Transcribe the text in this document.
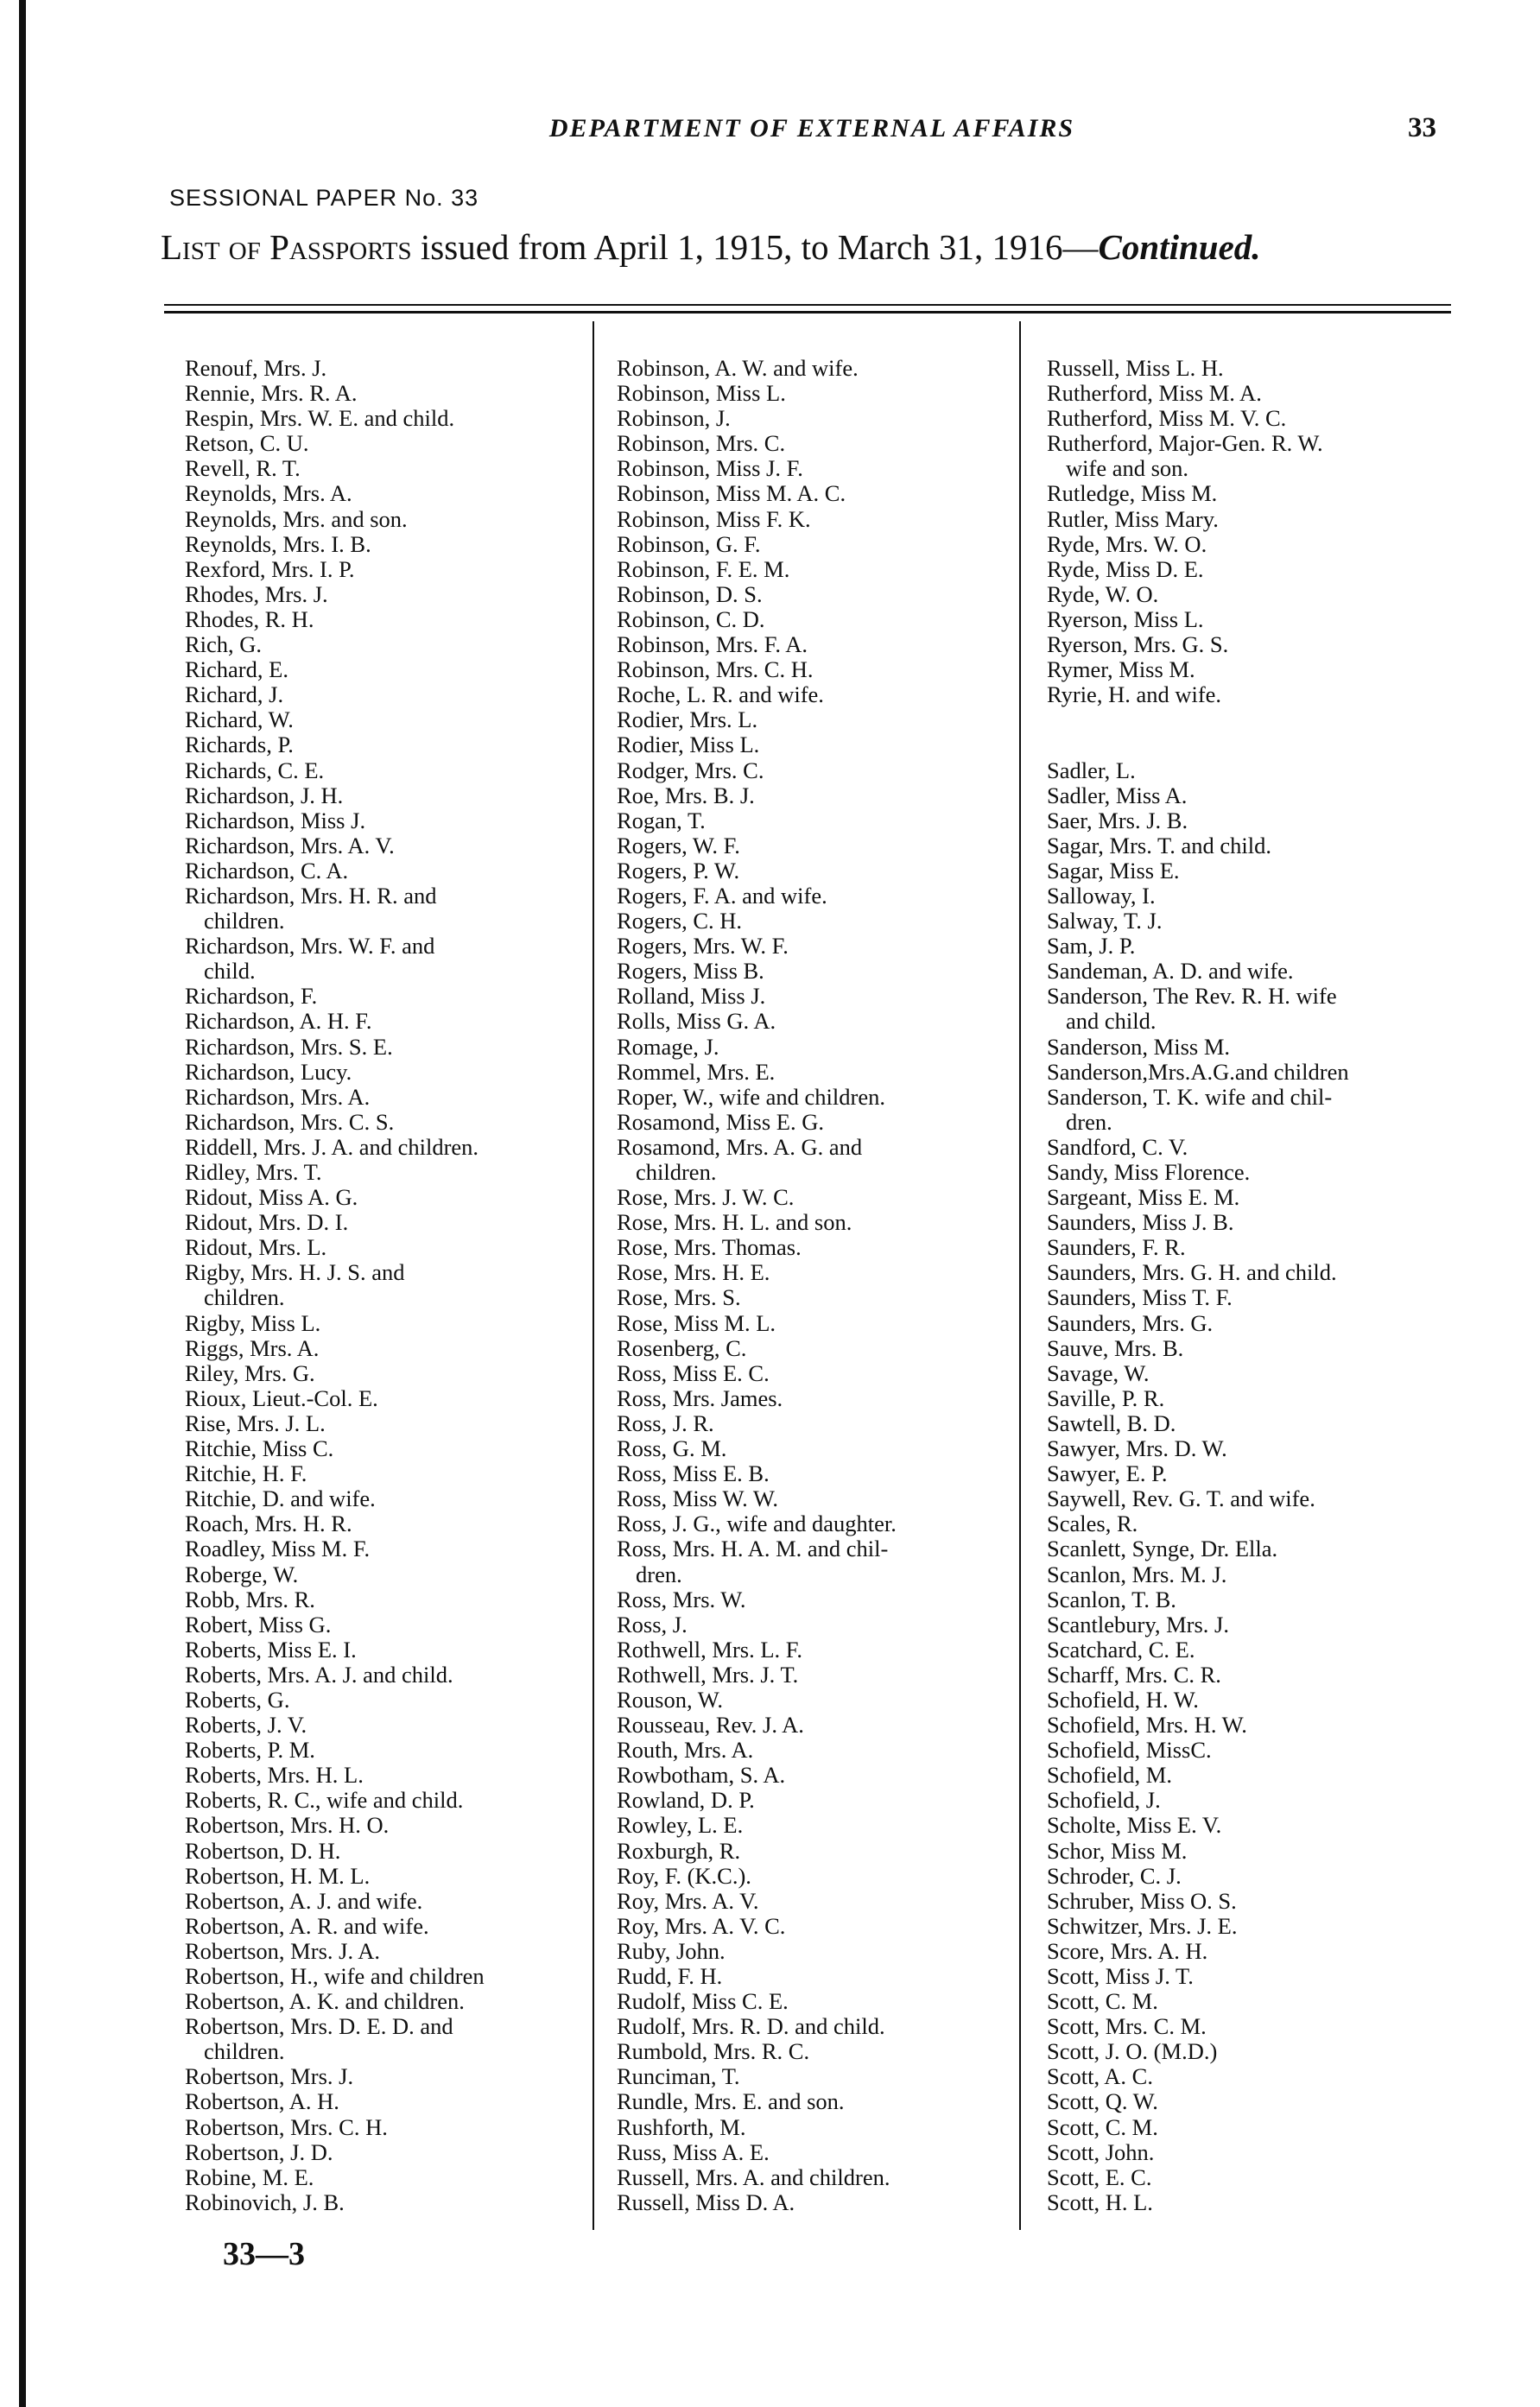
DEPARTMENT OF EXTERNAL AFFAIRS	33
SESSIONAL PAPER No. 33
List of Passports issued from April 1, 1915, to March 31, 1916—Continued.
Renouf, Mrs. J.
Rennie, Mrs. R. A.
Respin, Mrs. W. E. and child.
Retson, C. U.
Revell, R. T.
Reynolds, Mrs. A.
Reynolds, Mrs. and son.
Reynolds, Mrs. I. B.
Rexford, Mrs. I. P.
Rhodes, Mrs. J.
Rhodes, R. H.
Rich, G.
Richard, E.
Richard, J.
Richard, W.
Richards, P.
Richards, C. E.
Richardson, J. H.
Richardson, Miss J.
Richardson, Mrs. A. V.
Richardson, C. A.
Richardson, Mrs. H. R. and
children.
Richardson, Mrs. W. F. and
child.
Richardson, F.
Richardson, A. H. F.
Richardson, Mrs. S. E.
Richardson, Lucy.
Richardson, Mrs. A.
Richardson, Mrs. C. S.
Riddell, Mrs. J. A. and children.
Ridley, Mrs. T.
Ridout, Miss A. G.
Ridout, Mrs. D. I.
Ridout, Mrs. L.
Rigby, Mrs. H. J. S. and
children.
Rigby, Miss L.
Riggs, Mrs. A.
Riley, Mrs. G.
Rioux, Lieut.-Col. E.
Rise, Mrs. J. L.
Ritchie, Miss C.
Ritchie, H. F.
Ritchie, D. and wife.
Roach, Mrs. H. R.
Roadley, Miss M. F.
Roberge, W.
Robb, Mrs. R.
Robert, Miss G.
Roberts, Miss E. I.
Roberts, Mrs. A. J. and child.
Roberts, G.
Roberts, J. V.
Roberts, P. M.
Roberts, Mrs. H. L.
Roberts, R. C., wife and child.
Robertson, Mrs. H. O.
Robertson, D. H.
Robertson, H. M. L.
Robertson, A. J. and wife.
Robertson, A. R. and wife.
Robertson, Mrs. J. A.
Robertson, H., wife and children
Robertson, A. K. and children.
Robertson, Mrs. D. E. D. and
children.
Robertson, Mrs. J.
Robertson, A. H.
Robertson, Mrs. C. H.
Robertson, J. D.
Robine, M. E.
Robinovich, J. B.
Robinson, A. W. and wife.
Robinson, Miss L.
Robinson, J.
Robinson, Mrs. C.
Robinson, Miss J. F.
Robinson, Miss M. A. C.
Robinson, Miss F. K.
Robinson, G. F.
Robinson, F. E. M.
Robinson, D. S.
Robinson, C. D.
Robinson, Mrs. F. A.
Robinson, Mrs. C. H.
Roche, L. R. and wife.
Rodier, Mrs. L.
Rodier, Miss L.
Rodger, Mrs. C.
Roe, Mrs. B. J.
Rogan, T.
Rogers, W. F.
Rogers, P. W.
Rogers, F. A. and wife.
Rogers, C. H.
Rogers, Mrs. W. F.
Rogers, Miss B.
Rolland, Miss J.
Rolls, Miss G. A.
Romage, J.
Rommel, Mrs. E.
Roper, W., wife and children.
Rosamond, Miss E. G.
Rosamond, Mrs. A. G. and
children.
Rose, Mrs. J. W. C.
Rose, Mrs. H. L. and son.
Rose, Mrs. Thomas.
Rose, Mrs. H. E.
Rose, Mrs. S.
Rose, Miss M. L.
Rosenberg, C.
Ross, Miss E. C.
Ross, Mrs. James.
Ross, J. R.
Ross, G. M.
Ross, Miss E. B.
Ross, Miss W. W.
Ross, J. G., wife and daughter.
Ross, Mrs. H. A. M. and chil-
dren.
Ross, Mrs. W.
Ross, J.
Rothwell, Mrs. L. F.
Rothwell, Mrs. J. T.
Rouson, W.
Rousseau, Rev. J. A.
Routh, Mrs. A.
Rowbotham, S. A.
Rowland, D. P.
Rowley, L. E.
Roxburgh, R.
Roy, F. (K.C.).
Roy, Mrs. A. V.
Roy, Mrs. A. V. C.
Ruby, John.
Rudd, F. H.
Rudolf, Miss C. E.
Rudolf, Mrs. R. D. and child.
Rumbold, Mrs. R. C.
Runciman, T.
Rundle, Mrs. E. and son.
Rushforth, M.
Russ, Miss A. E.
Russell, Mrs. A. and children.
Russell, Miss D. A.
Russell, Miss L. H.
Rutherford, Miss M. A.
Rutherford, Miss M. V. C.
Rutherford, Major-Gen. R. W.
wife and son.
Rutledge, Miss M.
Rutler, Miss Mary.
Ryde, Mrs. W. O.
Ryde, Miss D. E.
Ryde, W. O.
Ryerson, Miss L.
Ryerson, Mrs. G. S.
Rymer, Miss M.
Ryrie, H. and wife.
Sadler, L.
Sadler, Miss A.
Saer, Mrs. J. B.
Sagar, Mrs. T. and child.
Sagar, Miss E.
Salloway, I.
Salway, T. J.
Sam, J. P.
Sandeman, A. D. and wife.
Sanderson, The Rev. R. H. wife
and child.
Sanderson, Miss M.
Sanderson,Mrs.A.G.and children
Sanderson, T. K. wife and chil-
dren.
Sandford, C. V.
Sandy, Miss Florence.
Sargeant, Miss E. M.
Saunders, Miss J. B.
Saunders, F. R.
Saunders, Mrs. G. H. and child.
Saunders, Miss T. F.
Saunders, Mrs. G.
Sauve, Mrs. B.
Savage, W.
Saville, P. R.
Sawtell, B. D.
Sawyer, Mrs. D. W.
Sawyer, E. P.
Saywell, Rev. G. T. and wife.
Scales, R.
Scanlett, Synge, Dr. Ella.
Scanlon, Mrs. M. J.
Scanlon, T. B.
Scantlebury, Mrs. J.
Scatchard, C. E.
Scharff, Mrs. C. R.
Schofield, H. W.
Schofield, Mrs. H. W.
Schofield, MissC.
Schofield, M.
Schofield, J.
Scholte, Miss E. V.
Schor, Miss M.
Schroder, C. J.
Schruber, Miss O. S.
Schwitzer, Mrs. J. E.
Score, Mrs. A. H.
Scott, Miss J. T.
Scott, C. M.
Scott, Mrs. C. M.
Scott, J. O. (M.D.)
Scott, A. C.
Scott, Q. W.
Scott, C. M.
Scott, John.
Scott, E. C.
Scott, H. L.
33—3
